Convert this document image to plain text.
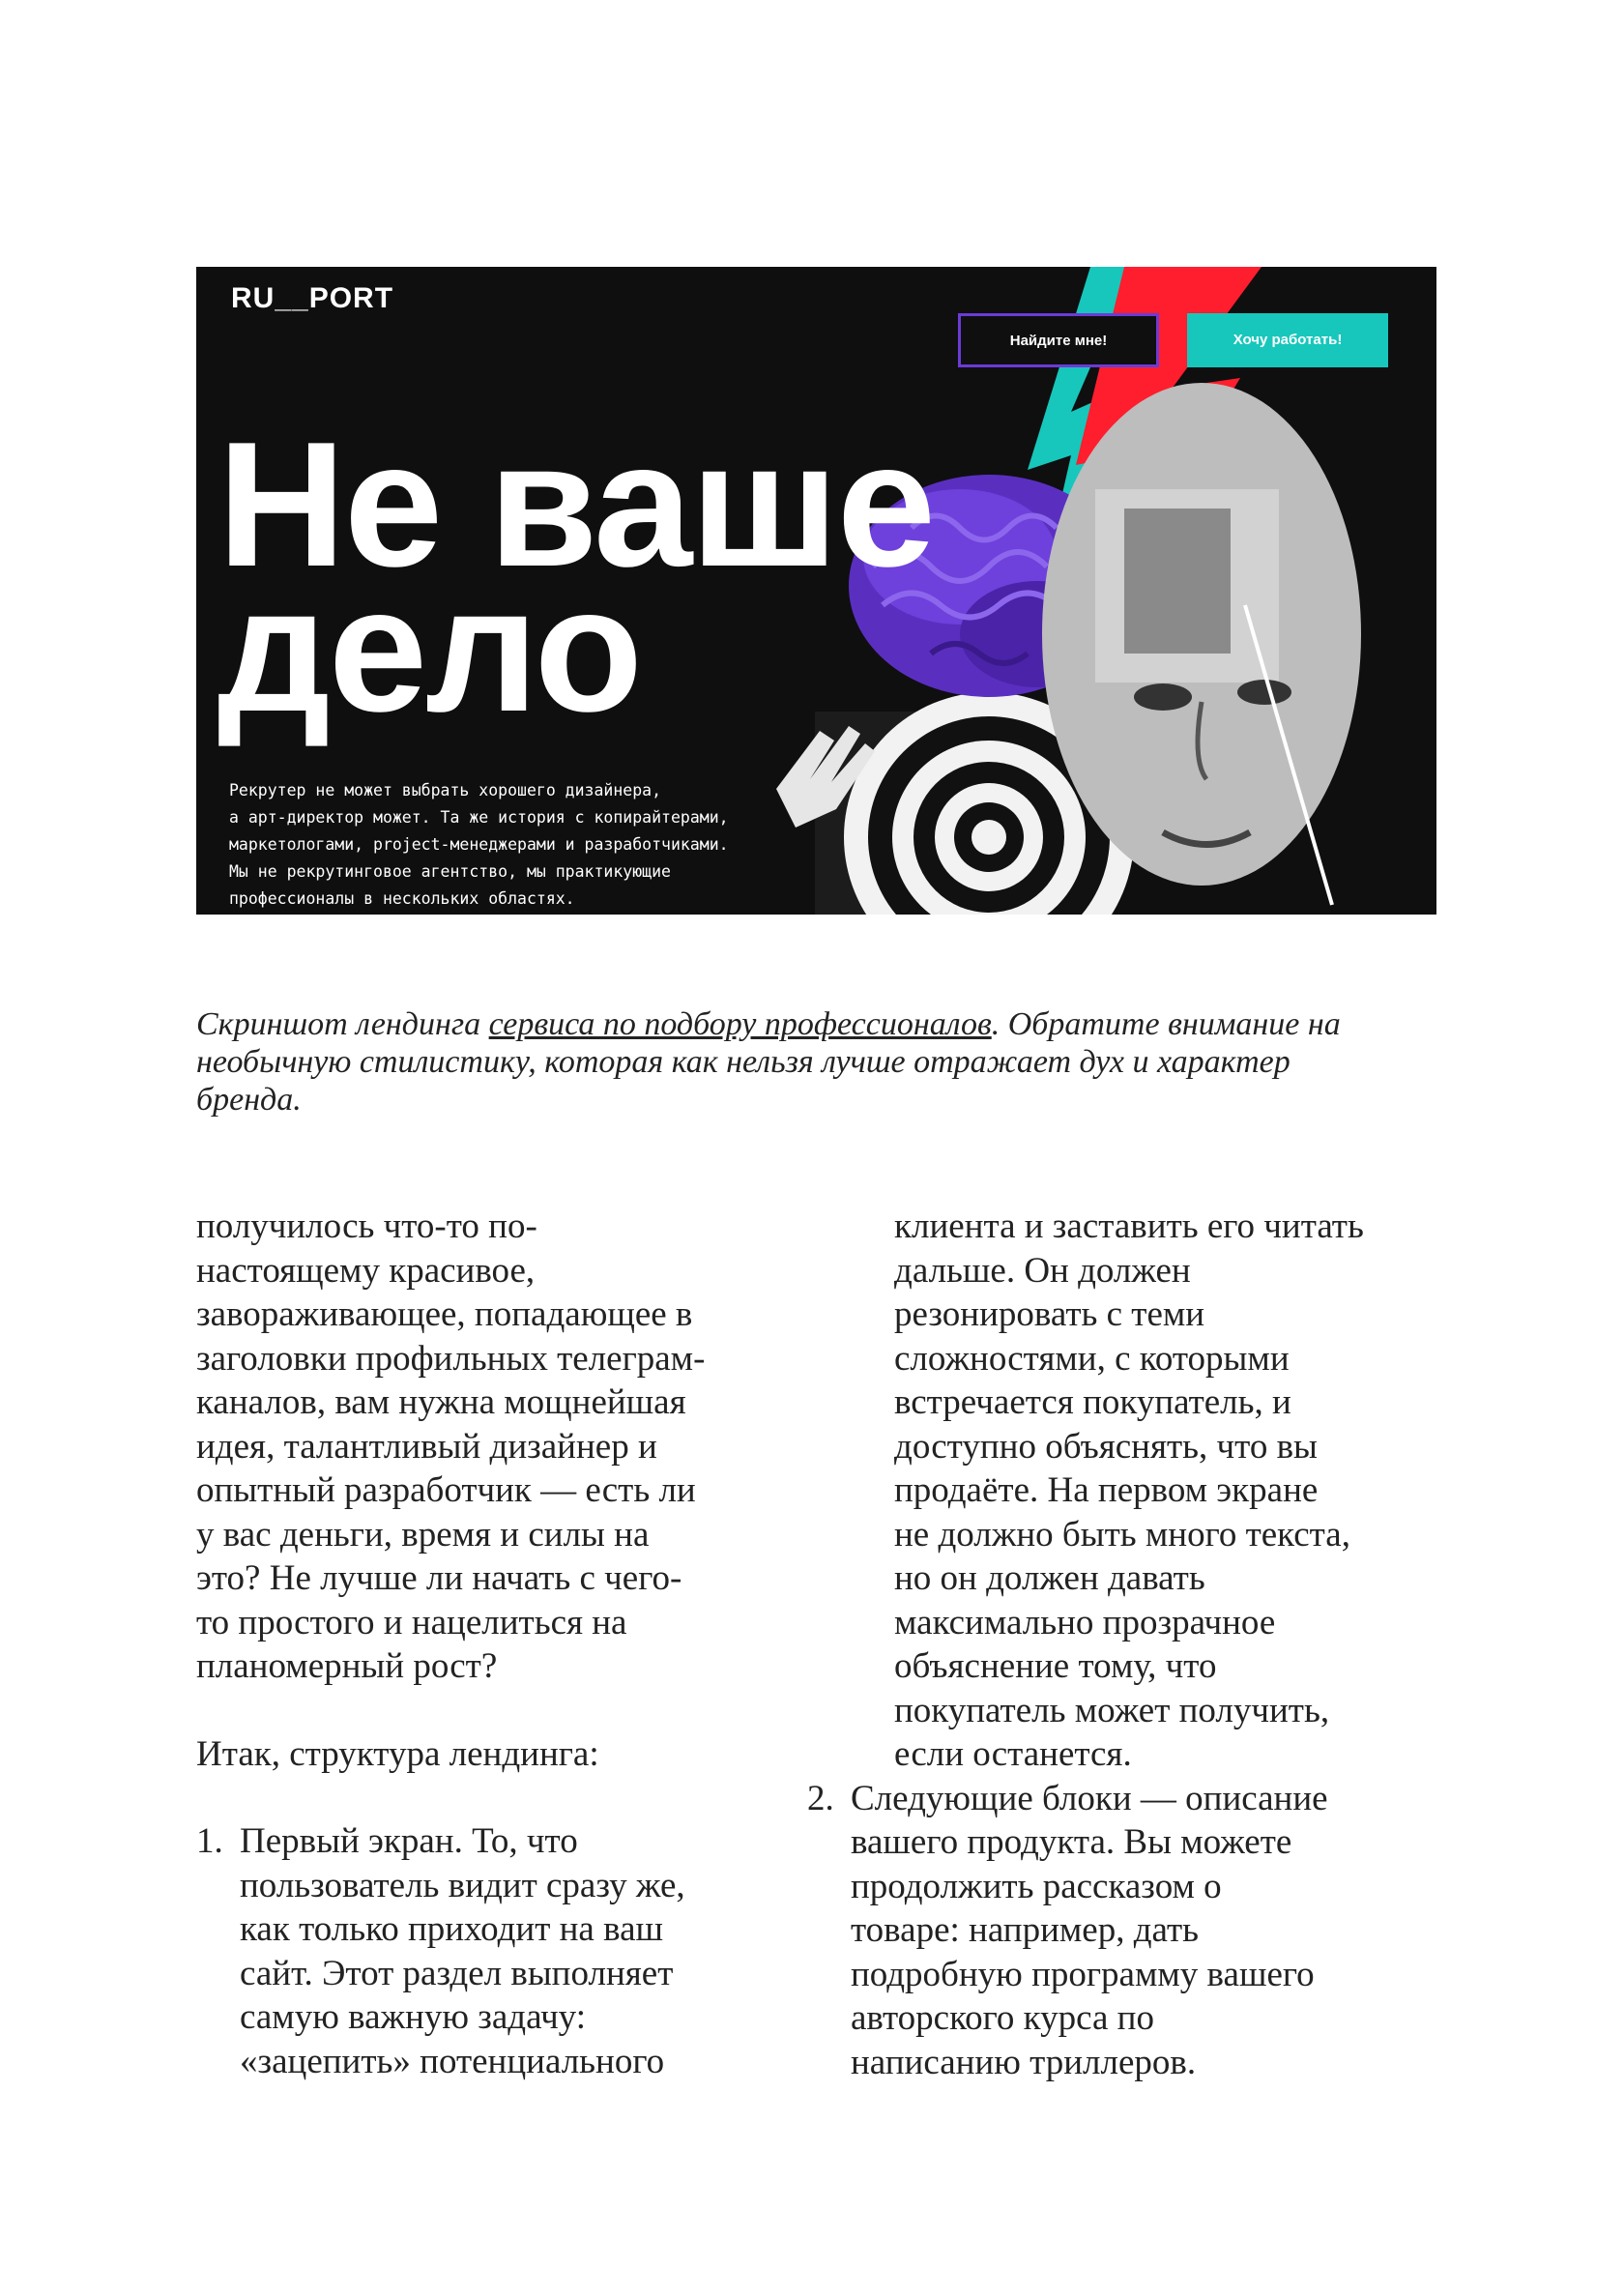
RU__PORT
Найдите мне!	Хочу работать!
Не ваше
дело
Рекрутер не может выбрать хорошего дизайнера,
а арт-директор может. Та же история с копирайтерами,
маркетологами, project-менеджерами и разработчиками.
Мы не рекрутинговое агентство, мы практикующие
профессионалы в нескольких областях.
Скриншот лендинга сервиса по подбору профессионалов. Обратите внимание на
необычную стилистику, которая как нельзя лучше отражает дух и характер
бренда.
получилось что-то по-
настоящему красивое,
завораживающее, попадающее в
заголовки профильных телеграм-
каналов, вам нужна мощнейшая
идея, талантливый дизайнер и
опытный разработчик — есть ли
у вас деньги, время и силы на
это? Не лучше ли начать с чего-
то простого и нацелиться на
планомерный рост?
Итак, структура лендинга:
1. Первый экран. То, что
пользователь видит сразу же,
как только приходит на ваш
сайт. Этот раздел выполняет
самую важную задачу:
«зацепить» потенциального
клиента и заставить его читать
дальше. Он должен
резонировать с теми
сложностями, с которыми
встречается покупатель, и
доступно объяснять, что вы
продаёте. На первом экране
не должно быть много текста,
но он должен давать
максимально прозрачное
объяснение тому, что
покупатель может получить,
если останется.
2. Следующие блоки — описание
вашего продукта. Вы можете
продолжить рассказом о
товаре: например, дать
подробную программу вашего
авторского курса по
написанию триллеров.
